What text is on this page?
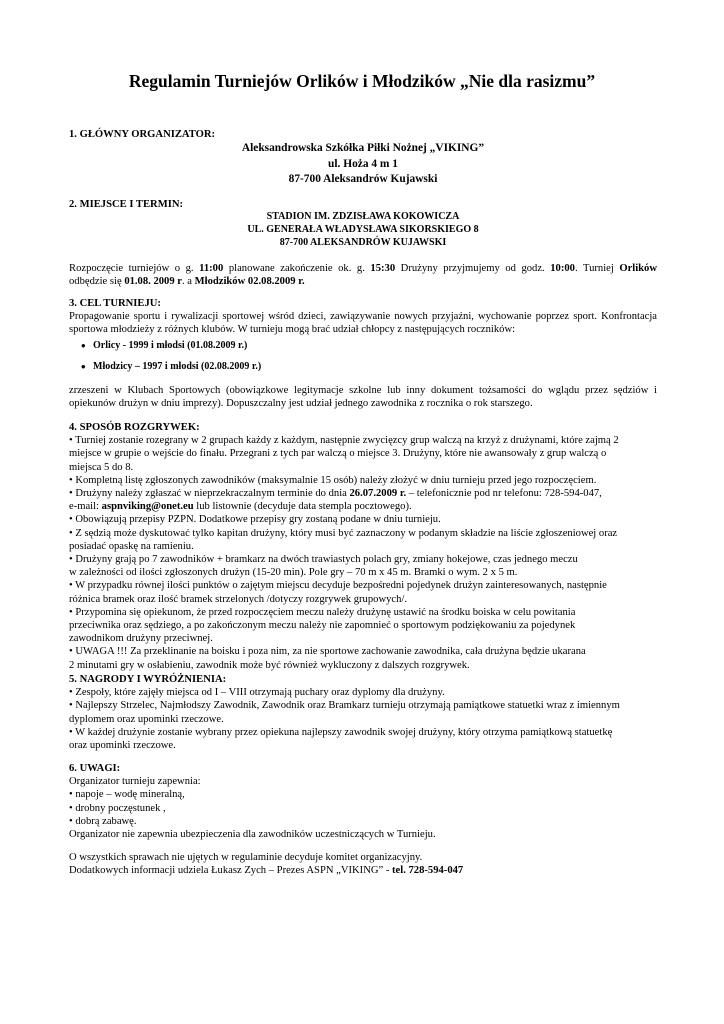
Regulamin Turniejów Orlików i Młodzików „Nie dla rasizmu”

1. GŁÓWNY ORGANIZATOR:

Aleksandrowska Szkółka Piłki Nożnej „VIKING”

ul. Hoża 4 m 1

87-700 Aleksandrów Kujawski

2. MIEJSCE I TERMIN:

STADION IM. ZDZISŁAWA KOKOWICZA

UL. GENERAŁA WŁADYSŁAWA SIKORSKIEGO 8

87-700 ALEKSANDRÓW KUJAWSKI

Rozpoczęcie turniejów o g. 11:00 planowane zakończenie ok. g. 15:30 Drużyny przyjmujemy od godz. 10:00. Turniej Orlików

odbędzie się 01.08. 2009 r. a Młodzików 02.08.2009 r.

3. CEL TURNIEJU:

Propagowanie sportu i rywalizacji sportowej wśród dzieci, zawiązywanie nowych przyjaźni, wychowanie poprzez sport. Konfrontacja sportowa młodzieży z różnych klubów. W turnieju mogą brać udział chłopcy z następujących roczników:

• Orlicy - 1999 i młodsi (01.08.2009 r.)
• Młodzicy – 1997 i młodsi (02.08.2009 r.)

zrzeszeni w Klubach Sportowych (obowiązkowe legitymacje szkolne lub inny dokument tożsamości do wglądu przez sędziów i opiekunów drużyn w dniu imprezy). Dopuszczalny jest udział jednego zawodnika z rocznika o rok starszego.

4. SPOSÓB ROZGRYWEK:

• Turniej zostanie rozegrany w 2 grupach każdy z każdym, następnie zwycięzcy grup walczą na krzyż z drużynami, które zajmą 2

miejsce w grupie o wejście do finału. Przegrani z tych par walczą o miejsce 3. Drużyny, które nie awansowały z grup walczą o

miejsca 5 do 8.

• Kompletną listę zgłoszonych zawodników (maksymalnie 15 osób) należy złożyć w dniu turnieju przed jego rozpoczęciem.

• Drużyny należy zgłaszać w nieprzekraczalnym terminie do dnia 26.07.2009 r. – telefonicznie pod nr telefonu: 728-594-047,

e-mail: aspnviking@onet.eu lub listownie (decyduje data stempla pocztowego).

• Obowiązują przepisy PZPN. Dodatkowe przepisy gry zostaną podane w dniu turnieju.

• Z sędzią może dyskutować tylko kapitan drużyny, który musi być zaznaczony w podanym składzie na liście zgłoszeniowej oraz

posiadać opaskę na ramieniu.

• Drużyny grają po 7 zawodników + bramkarz na dwóch trawiastych polach gry, zmiany hokejowe, czas jednego meczu

w zależności od ilości zgłoszonych drużyn (15-20 min). Pole gry – 70 m x 45 m. Bramki o wym. 2 x 5 m.

• W przypadku równej ilości punktów o zajętym miejscu decyduje bezpośredni pojedynek drużyn zainteresowanych, następnie

różnica bramek oraz ilość bramek strzelonych /dotyczy rozgrywek grupowych/.

• Przypomina się opiekunom, że przed rozpoczęciem meczu należy drużynę ustawić na środku boiska w celu powitania

przeciwnika oraz sędziego, a po zakończonym meczu należy nie zapomnieć o sportowym podziękowaniu za pojedynek

zawodnikom drużyny przeciwnej.

• UWAGA !!! Za przeklinanie na boisku i poza nim, za nie sportowe zachowanie zawodnika, cała drużyna będzie ukarana

2 minutami gry w osłabieniu, zawodnik może być również wykluczony z dalszych rozgrywek.

5. NAGRODY I WYRÓŻNIENIA:

• Zespoły, które zajęły miejsca od I – VIII otrzymają puchary oraz dyplomy dla drużyny.

• Najlepszy Strzelec, Najmłodszy Zawodnik, Zawodnik oraz Bramkarz turnieju otrzymają pamiątkowe statuetki wraz z imiennym

dyplomem oraz upominki rzeczowe.

• W każdej drużynie zostanie wybrany przez opiekuna najlepszy zawodnik swojej drużyny, który otrzyma pamiątkową statuetkę

oraz upominki rzeczowe.

6. UWAGI:

Organizator turnieju zapewnia:

• napoje – wodę mineralną,

• drobny poczęstunek ,

• dobrą zabawę.

Organizator nie zapewnia ubezpieczenia dla zawodników uczestniczących w Turnieju.

O wszystkich sprawach nie ujętych w regulaminie decyduje komitet organizacyjny.

Dodatkowych informacji udziela Łukasz Zych – Prezes ASPN „VIKING” - tel. 728-594-047
